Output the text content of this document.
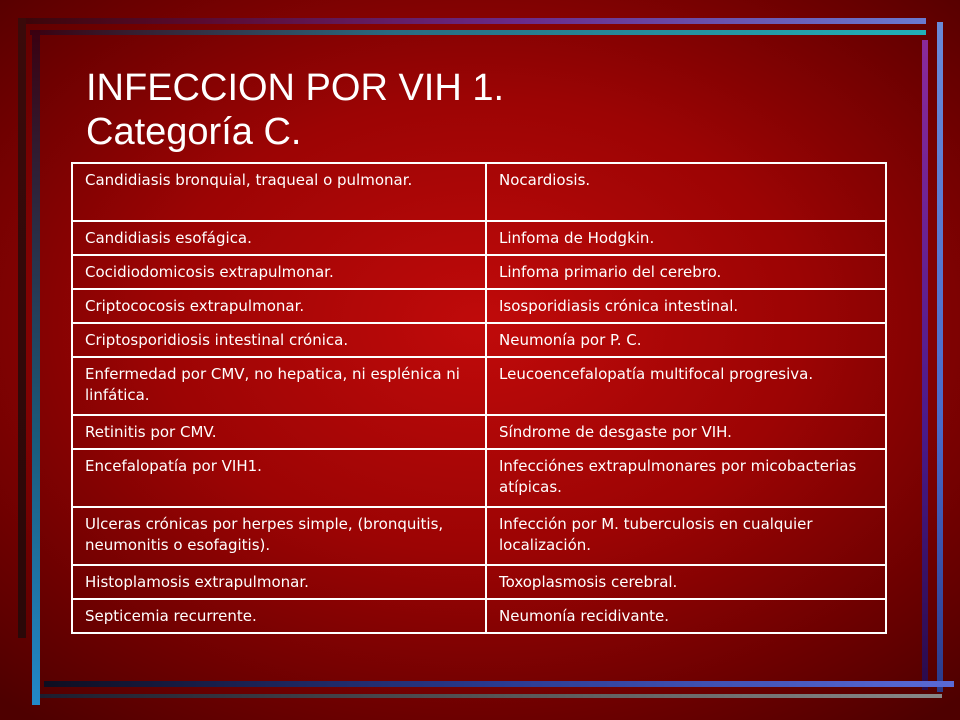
INFECCION POR VIH 1.
Categoría C.
Candidiasis bronquial, traqueal o pulmonar.	Nocardiosis.
Candidiasis esofágica.	Linfoma de Hodgkin.
Cocidiodomicosis extrapulmonar.	Linfoma primario del cerebro.
Criptococosis extrapulmonar.	Isosporidiasis crónica intestinal.
Criptosporidiosis intestinal crónica.	Neumonía por P. C.
Enfermedad por CMV, no hepatica, ni esplénica ni linfática.	Leucoencefalopatía multifocal progresiva.
Retinitis por CMV.	Síndrome de desgaste por VIH.
Encefalopatía por VIH1.	Infecciónes extrapulmonares por micobacterias atípicas.
Ulceras crónicas por herpes simple, (bronquitis, neumonitis o esofagitis).	Infección por M. tuberculosis en cualquier localización.
Histoplamosis extrapulmonar.	Toxoplasmosis cerebral.
Septicemia recurrente.	Neumonía recidivante.
